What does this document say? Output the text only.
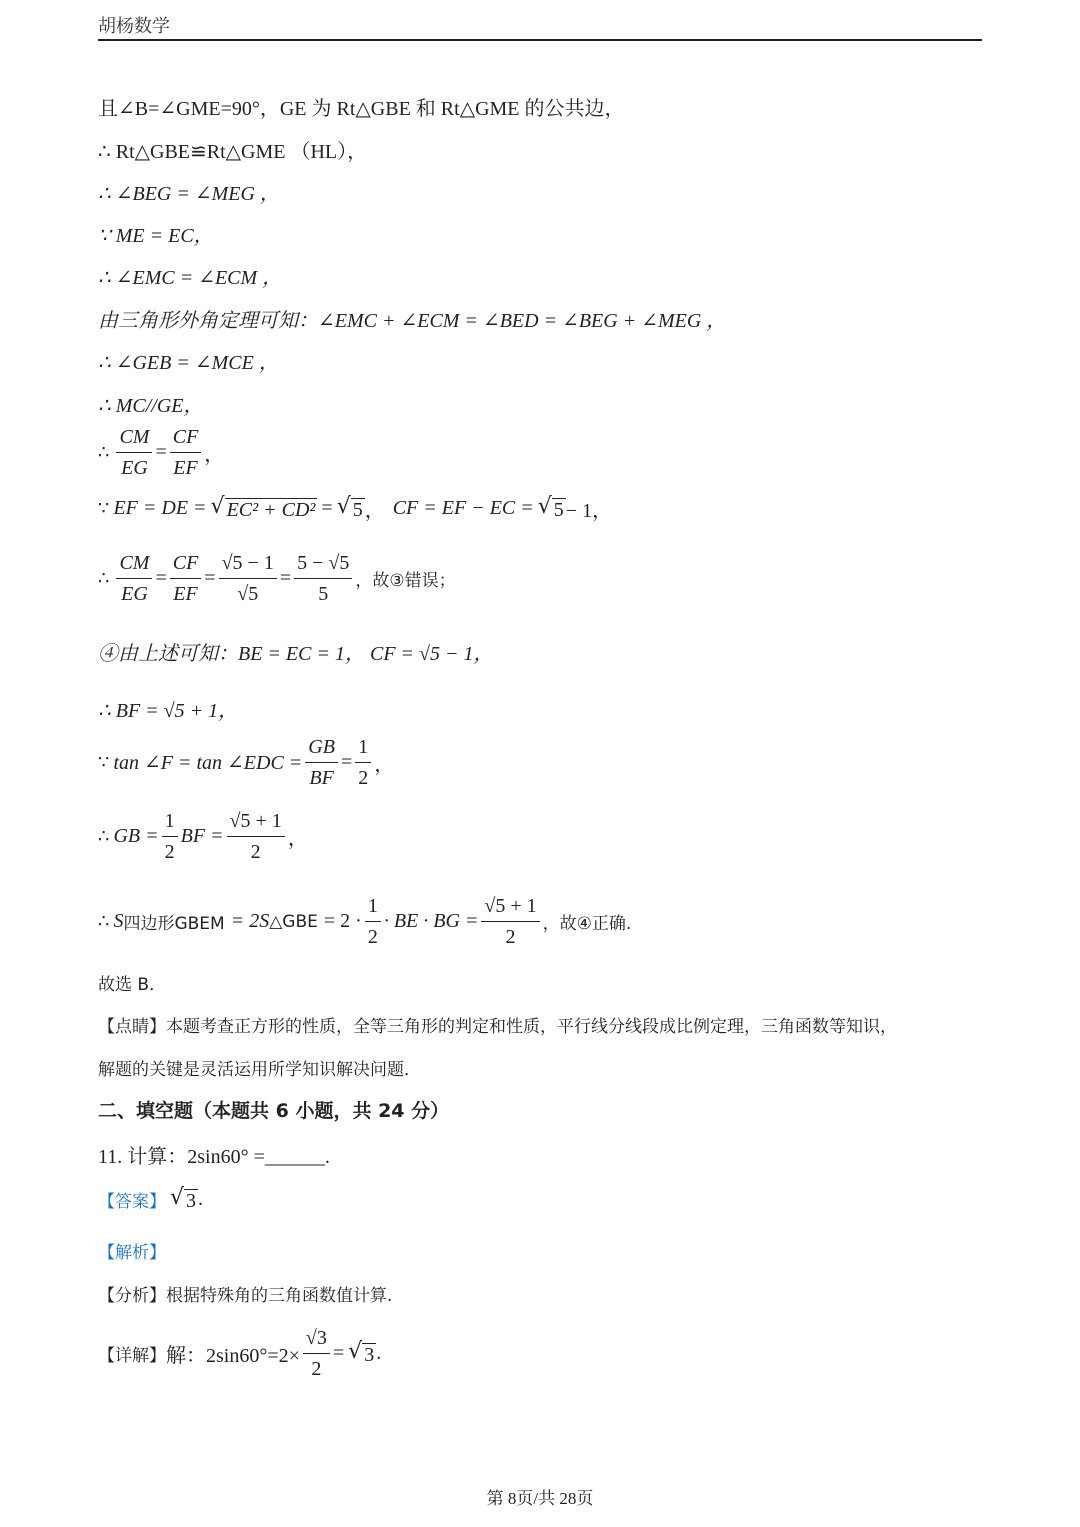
胡杨数学
且∠B=∠GME=90°，GE 为 Rt△GBE 和 Rt△GME 的公共边，
∴ Rt△GBE≌Rt△GME （HL），
∴ ∠BEG = ∠MEG ，
∵ ME = EC，
∴ ∠EMC = ∠ECM ，
由三角形外角定理可知：∠EMC + ∠ECM = ∠BED = ∠BEG + ∠MEG ，
∴ ∠GEB = ∠MCE ，
∴ MC//GE，
∴ $\frac{CM}{EG} = \frac{CF}{EF}$ ，
∵ EF = DE = √ EC² + CD² = √ 5 ， CF = EF − EC = √ 5 − 1，
∴ $\frac{CM}{EG} = \frac{CF}{EF} = \frac{√5 - 1}{√5} = \frac{5 - √5}{5}$ ，故③错误；
④由上述可知：BE = EC = 1， CF = √5 − 1，
∴ BF = √5 + 1，
∵ tan ∠F = tan ∠EDC = $\frac{GB}{BF} = \frac{1}{2}$ ，
∴ GB = $\frac{1}{2}$ BF = $\frac{√5 + 1}{2}$ ，
∴ S 四边形GBEM = 2S △GBE = $2 \cdot \frac{1}{2}$ · BE · BG = $\frac{√5 + 1}{2}$ ，故④正确.
故选 B．
【点睛】本题考查正方形的性质，全等三角形的判定和性质，平行线分线段成比例定理，三角函数等知识，
解题的关键是灵活运用所学知识解决问题．
二、填空题（本题共 6 小题，共 24 分）
11. 计算：2sin60° =______.
【答案】 √ 3 .
【解析】
【分析】根据特殊角的三角函数值计算.
【详解】 解：$2\sin 60^\circ=2\times \frac{√3}{2}$ = √ 3 .
第 8页/共 28页
